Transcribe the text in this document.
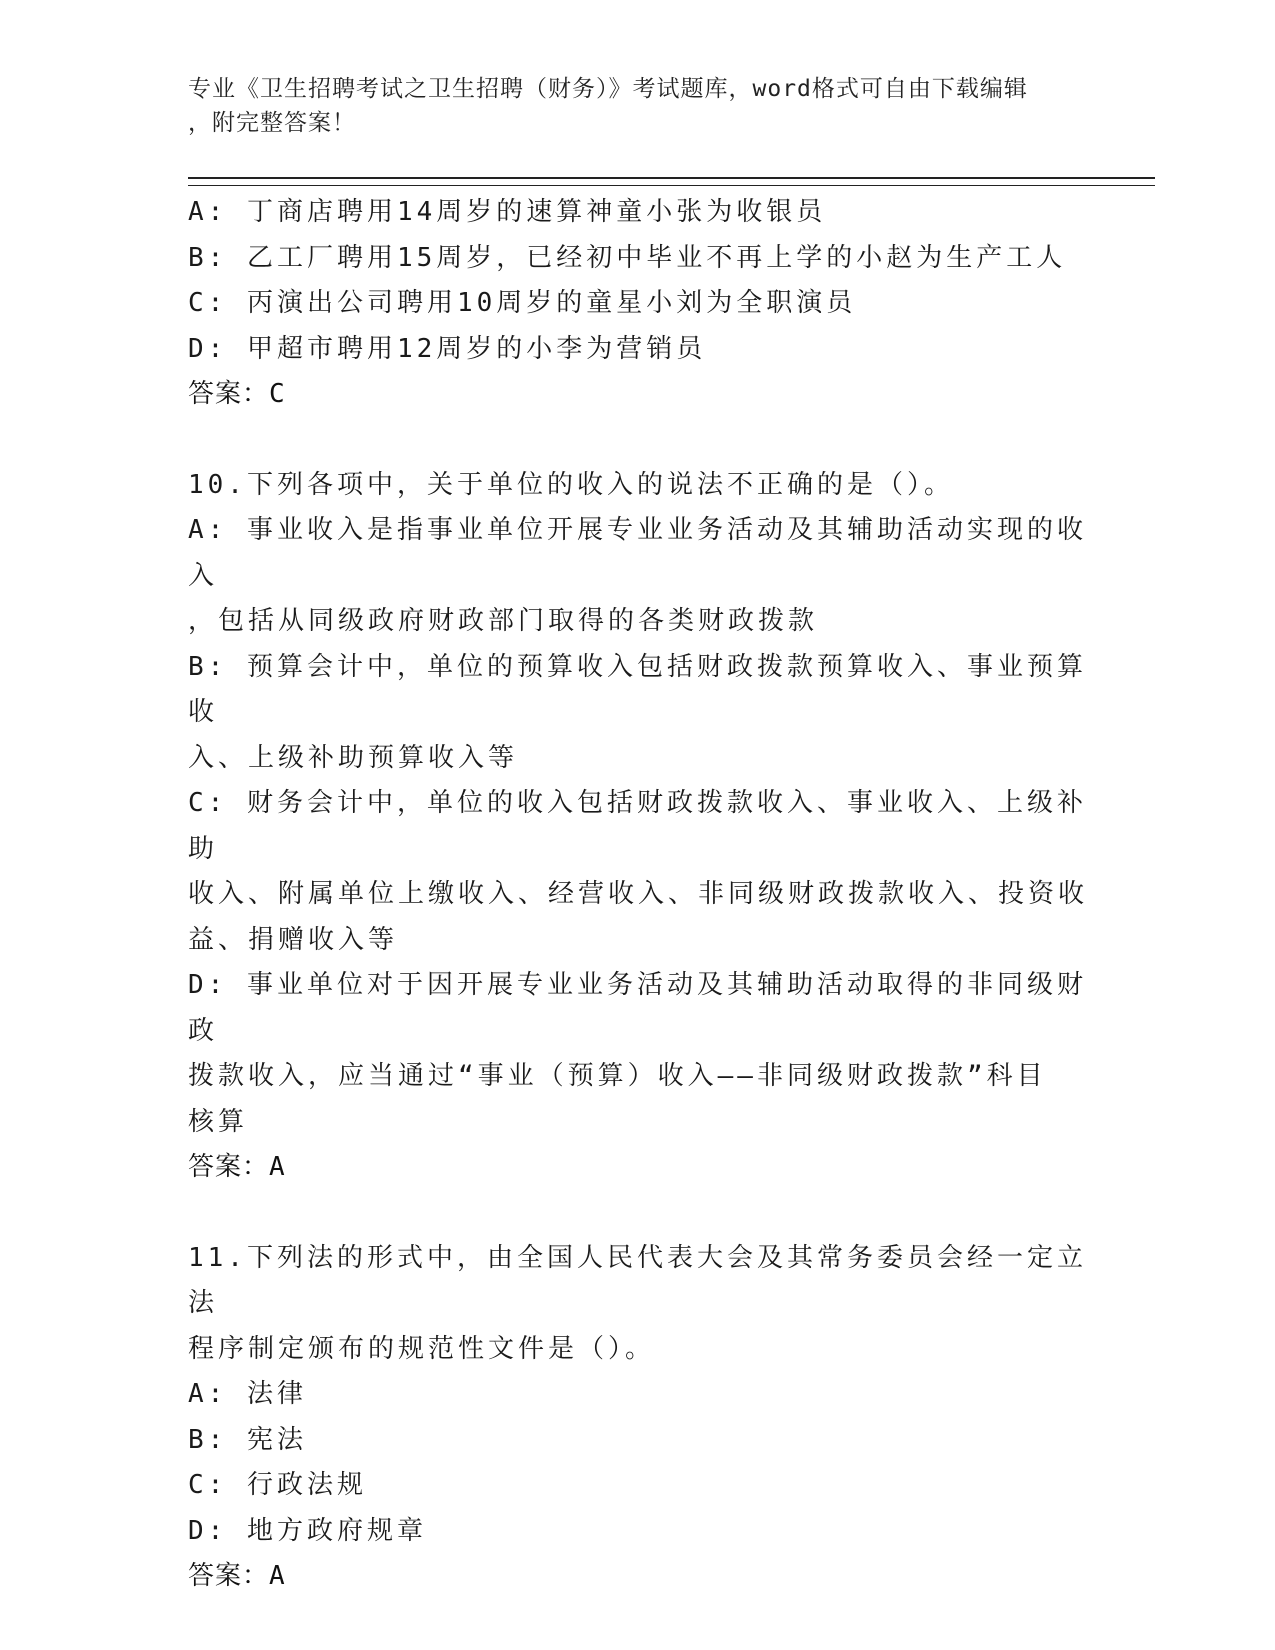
专业《卫生招聘考试之卫生招聘（财务）》考试题库，word格式可自由下载编辑
，附完整答案！
A: 丁商店聘用14周岁的速算神童小张为收银员
B: 乙工厂聘用15周岁，已经初中毕业不再上学的小赵为生产工人
C: 丙演出公司聘用10周岁的童星小刘为全职演员
D: 甲超市聘用12周岁的小李为营销员
答案：C
10.下列各项中，关于单位的收入的说法不正确的是（）。
A: 事业收入是指事业单位开展专业业务活动及其辅助活动实现的收入
，包括从同级政府财政部门取得的各类财政拨款
B: 预算会计中，单位的预算收入包括财政拨款预算收入、事业预算收
入、上级补助预算收入等
C: 财务会计中，单位的收入包括财政拨款收入、事业收入、上级补助
收入、附属单位上缴收入、经营收入、非同级财政拨款收入、投资收
益、捐赠收入等
D: 事业单位对于因开展专业业务活动及其辅助活动取得的非同级财政
拨款收入，应当通过“事业（预算）收入——非同级财政拨款”科目
核算
答案：A
11.下列法的形式中，由全国人民代表大会及其常务委员会经一定立法
程序制定颁布的规范性文件是（）。
A: 法律
B: 宪法
C: 行政法规
D: 地方政府规章
答案：A
